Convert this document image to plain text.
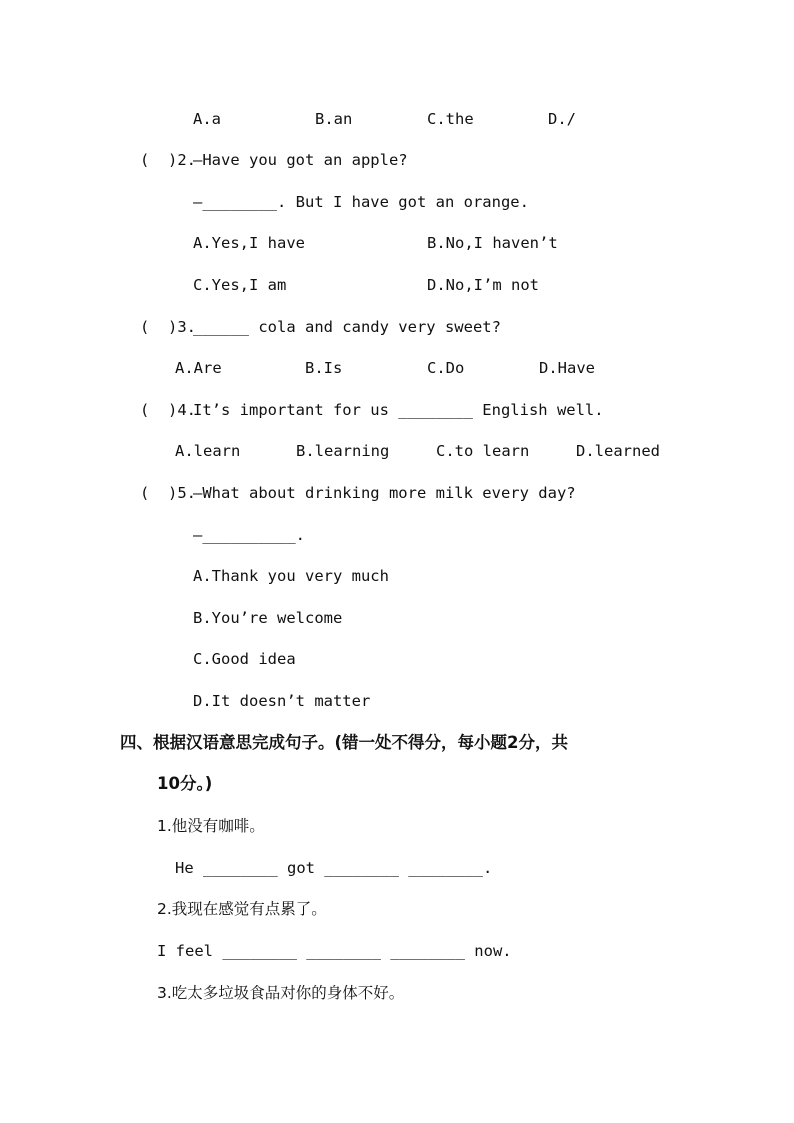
A.a	B.an	C.the	D./
(  )2.
—Have you got an apple?
—________. But I have got an orange.
A.Yes,I have	B.No,I haven’t
C.Yes,I am	D.No,I’m not
(  )3.
______ cola and candy very sweet?
A.Are	B.Is	C.Do	D.Have
(  )4.
It’s important for us ________ English well.
A.learn	B.learning	C.to learn	D.learned
(  )5.
—What about drinking more milk every day?
—__________.
A.Thank you very much
B.You’re welcome
C.Good idea
D.It doesn’t matter
四、根据汉语意思完成句子。(错一处不得分，每小题2分，共
10分。)
1.他没有咖啡。
He ________ got ________ ________.
2.我现在感觉有点累了。
I feel ________ ________ ________ now.
3.吃太多垃圾食品对你的身体不好。
